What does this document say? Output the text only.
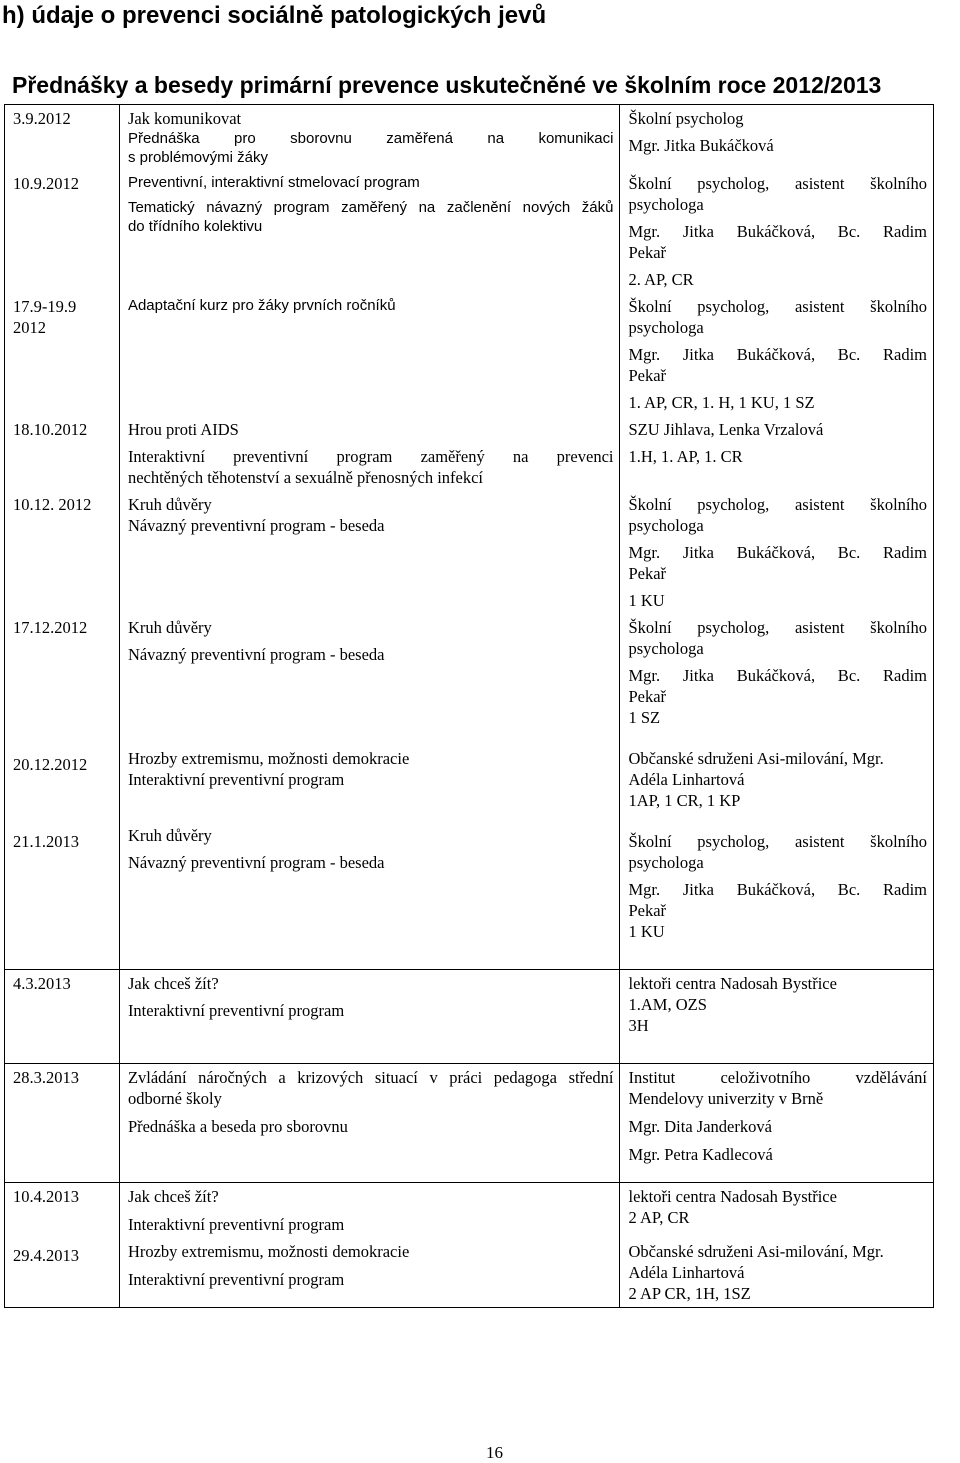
h) údaje o prevenci sociálně patologických jevů
Přednášky a besedy primární prevence uskutečněné ve školním roce 2012/2013
3.9.2012	Jak komunikovat
Přednáška pro sborovnu zaměřená na komunikaci
s problémovými žáky	Školní psycholog
Mgr. Jitka Bukáčková

10.9.2012	Preventivní, interaktivní stmelovací program
Tematický návazný program zaměřený na začlenění nových žáků
do třídního kolektivu	Školní psycholog, asistent školního
psychologa
Mgr. Jitka Bukáčková, Bc. Radim
Pekař
2. AP, CR

17.9-19.9
2012	Adaptační kurz pro žáky prvních ročníků	Školní psycholog, asistent školního
psychologa
Mgr. Jitka Bukáčková, Bc. Radim
Pekař
1. AP, CR, 1. H, 1 KU, 1 SZ

18.10.2012	Hrou proti AIDS
Interaktivní preventivní program zaměřený na prevenci
nechtěných těhotenství a sexuálně přenosných infekcí	SZU Jihlava, Lenka Vrzalová
1.H, 1. AP, 1. CR

10.12. 2012	Kruh důvěry
Návazný preventivní program - beseda	Školní psycholog, asistent školního
psychologa
Mgr. Jitka Bukáčková, Bc. Radim
Pekař
1 KU

17.12.2012	Kruh důvěry
Návazný preventivní program - beseda	Školní psycholog, asistent školního
psychologa
Mgr. Jitka Bukáčková, Bc. Radim
Pekař
1 SZ

20.12.2012	Hrozby extremismu, možnosti demokracie
Interaktivní preventivní program	Občanské sdruženi Asi-milování, Mgr.
Adéla Linhartová
1AP, 1 CR, 1 KP

21.1.2013	Kruh důvěry
Návazný preventivní program - beseda	Školní psycholog, asistent školního
psychologa
Mgr. Jitka Bukáčková, Bc. Radim
Pekař
1 KU

4.3.2013	Jak chceš žít?
Interaktivní preventivní program	lektoři centra Nadosah Bystřice
1.AM, OZS
3H

28.3.2013	Zvládání náročných a krizových situací v práci pedagoga střední
odborné školy
Přednáška a beseda pro sborovnu	Institut celoživotního vzdělávání
Mendelovy univerzity v Brně
Mgr. Dita Janderková
Mgr. Petra Kadlecová

10.4.2013	Jak chceš žít?
Interaktivní preventivní program	lektoři centra Nadosah Bystřice
2 AP, CR

29.4.2013	Hrozby extremismu, možnosti demokracie
Interaktivní preventivní program	Občanské sdruženi Asi-milování, Mgr.
Adéla Linhartová
2 AP CR, 1H, 1SZ
16
